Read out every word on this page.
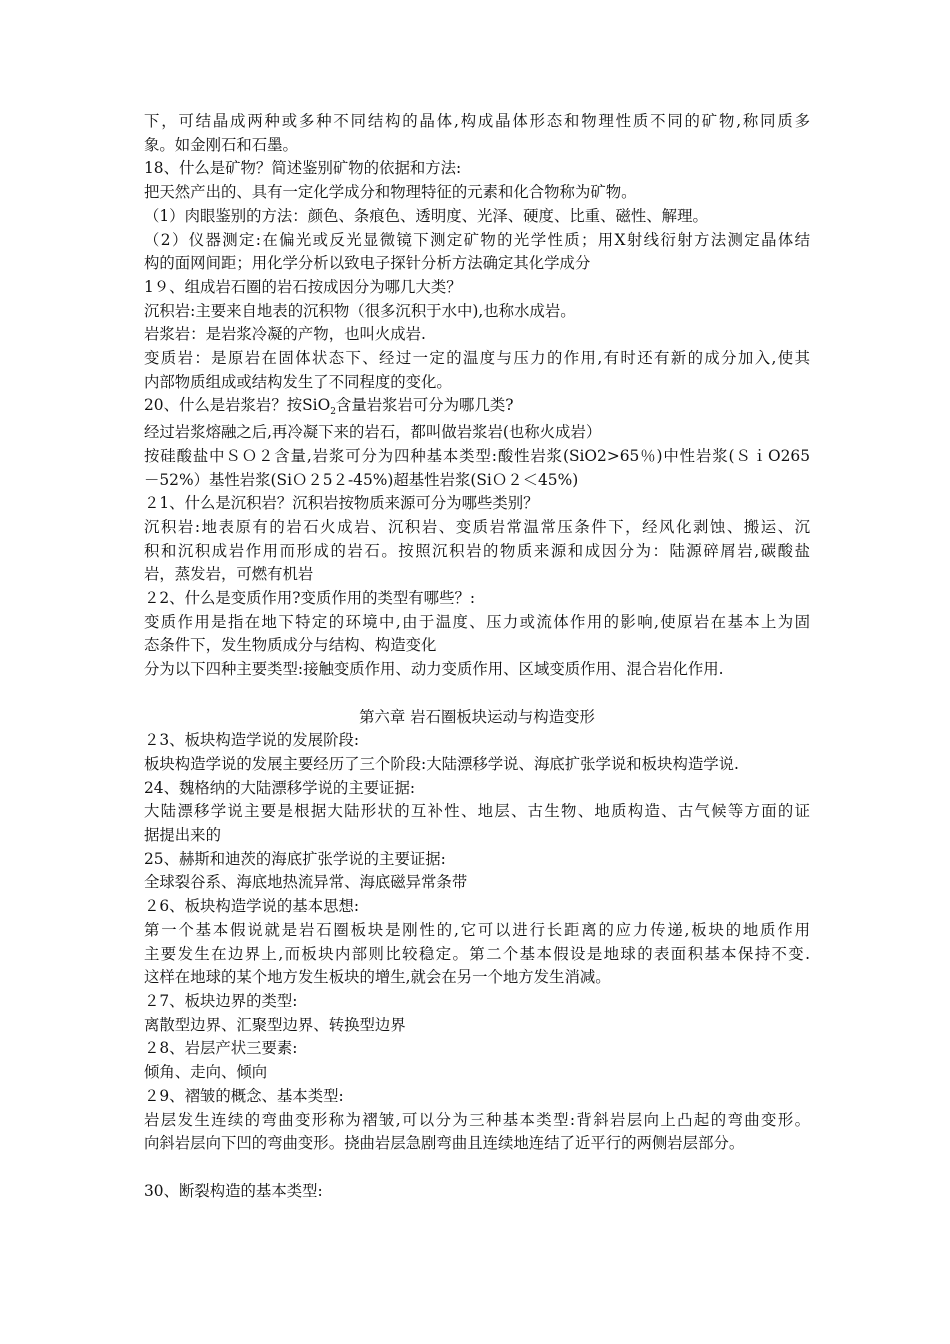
下，可结晶成两种或多种不同结构的晶体,构成晶体形态和物理性质不同的矿物,称同质多

象。如金刚石和石墨。

18、什么是矿物？简述鉴别矿物的依据和方法:

把天然产出的、具有一定化学成分和物理特征的元素和化合物称为矿物。

（1）肉眼鉴别的方法：颜色、条痕色、透明度、光泽、硬度、比重、磁性、解理。

（2）仪器测定:在偏光或反光显微镜下测定矿物的光学性质；用X射线衍射方法测定晶体结

构的面网间距；用化学分析以致电子探针分析方法确定其化学成分

1９、组成岩石圈的岩石按成因分为哪几大类？

沉积岩:主要来自地表的沉积物（很多沉积于水中),也称水成岩。

岩浆岩：是岩浆冷凝的产物，也叫火成岩.

变质岩：是原岩在固体状态下、经过一定的温度与压力的作用,有时还有新的成分加入,使其

内部物质组成或结构发生了不同程度的变化。

20、什么是岩浆岩？按SiO$_2$含量岩浆岩可分为哪几类?

经过岩浆熔融之后,再冷凝下来的岩石，都叫做岩浆岩(也称火成岩）

按硅酸盐中ＳＯ２含量,岩浆可分为四种基本类型:酸性岩浆(SiO2>65％)中性岩浆(ＳｉO265

－52%）基性岩浆(SiＯ２5２-45%)超基性岩浆(SiＯ２＜45%)

２1、什么是沉积岩？沉积岩按物质来源可分为哪些类别？

沉积岩:地表原有的岩石火成岩、沉积岩、变质岩常温常压条件下，经风化剥蚀、搬运、沉

积和沉积成岩作用而形成的岩石。按照沉积岩的物质来源和成因分为：陆源碎屑岩,碳酸盐

岩，蒸发岩，可燃有机岩

２2、什么是变质作用?变质作用的类型有哪些？:

变质作用是指在地下特定的环境中,由于温度、压力或流体作用的影响,使原岩在基本上为固

态条件下，发生物质成分与结构、构造变化

分为以下四种主要类型:接触变质作用、动力变质作用、区域变质作用、混合岩化作用.

第六章 岩石圈板块运动与构造变形

２3、板块构造学说的发展阶段:

板块构造学说的发展主要经历了三个阶段:大陆漂移学说、海底扩张学说和板块构造学说.

24、魏格纳的大陆漂移学说的主要证据:

大陆漂移学说主要是根据大陆形状的互补性、地层、古生物、地质构造、古气候等方面的证

据提出来的

25、赫斯和迪茨的海底扩张学说的主要证据:

全球裂谷系、海底地热流异常、海底磁异常条带

２6、板块构造学说的基本思想:

第一个基本假说就是岩石圈板块是刚性的,它可以进行长距离的应力传递,板块的地质作用

主要发生在边界上,而板块内部则比较稳定。第二个基本假设是地球的表面积基本保持不变.

这样在地球的某个地方发生板块的增生,就会在另一个地方发生消减。

２7、板块边界的类型:

离散型边界、汇聚型边界、转换型边界

２8、岩层产状三要素:

倾角、走向、倾向

２9、褶皱的概念、基本类型:

岩层发生连续的弯曲变形称为褶皱,可以分为三种基本类型:背斜岩层向上凸起的弯曲变形。

向斜岩层向下凹的弯曲变形。挠曲岩层急剧弯曲且连续地连结了近平行的两侧岩层部分。

30、断裂构造的基本类型:
